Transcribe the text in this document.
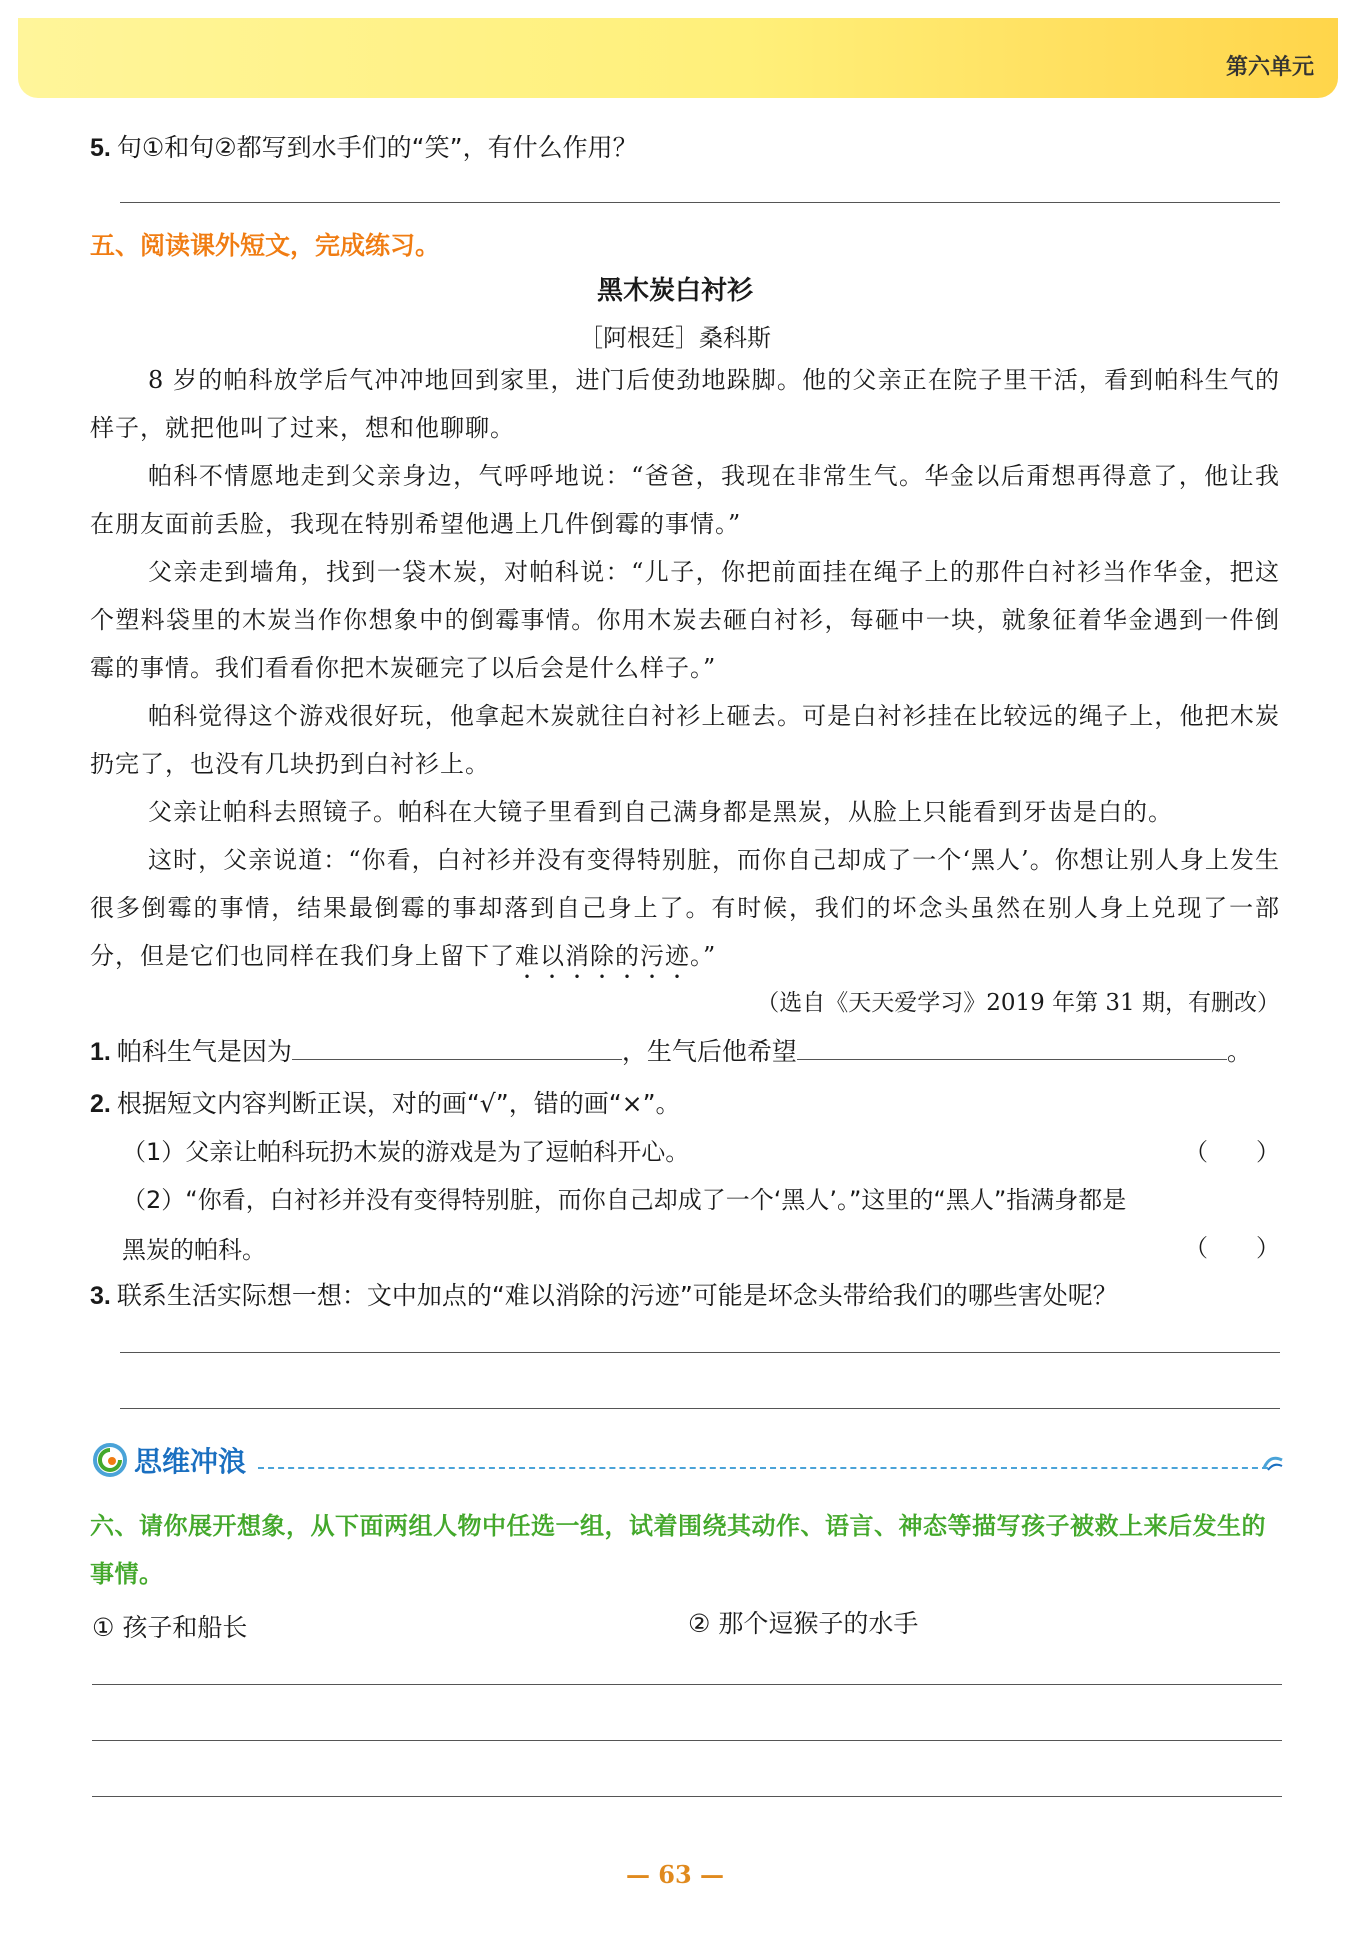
第六单元
5. 句①和句②都写到水手们的“笑”，有什么作用？
五、阅读课外短文，完成练习。
黑木炭白衬衫
［阿根廷］桑科斯

8 岁的帕科放学后气冲冲地回到家里，进门后使劲地跺脚。他的父亲正在院子里干活，看到帕科生气的样子，就把他叫了过来，想和他聊聊。

帕科不情愿地走到父亲身边，气呼呼地说：“爸爸，我现在非常生气。华金以后甭想再得意了，他让我在朋友面前丢脸，我现在特别希望他遇上几件倒霉的事情。”

父亲走到墙角，找到一袋木炭，对帕科说：“儿子，你把前面挂在绳子上的那件白衬衫当作华金，把这个塑料袋里的木炭当作你想象中的倒霉事情。你用木炭去砸白衬衫，每砸中一块，就象征着华金遇到一件倒霉的事情。我们看看你把木炭砸完了以后会是什么样子。”

帕科觉得这个游戏很好玩，他拿起木炭就往白衬衫上砸去。可是白衬衫挂在比较远的绳子上，他把木炭扔完了，也没有几块扔到白衬衫上。

父亲让帕科去照镜子。帕科在大镜子里看到自己满身都是黑炭，从脸上只能看到牙齿是白的。

这时，父亲说道：“你看，白衬衫并没有变得特别脏，而你自己却成了一个‘黑人’。你想让别人身上发生很多倒霉的事情，结果最倒霉的事却落到自己身上了。有时候，我们的坏念头虽然在别人身上兑现了一部分，但是它们也同样在我们身上留下了难以消除的污迹。”

（选自《天天爱学习》2019 年第 31 期，有删改）
1. 帕科生气是因为	，生气后他希望	。
2. 根据短文内容判断正误，对的画“√”，错的画“×”。
（1）父亲让帕科玩扔木炭的游戏是为了逗帕科开心。	（　　）
（2）“你看，白衬衫并没有变得特别脏，而你自己却成了一个‘黑人’。”这里的“黑人”指满身都是
黑炭的帕科。	（　　）
3. 联系生活实际想一想：文中加点的“难以消除的污迹”可能是坏念头带给我们的哪些害处呢？
思维冲浪
六、请你展开想象，从下面两组人物中任选一组，试着围绕其动作、语言、神态等描写孩子被救上来后发生的事情。
① 孩子和船长	② 那个逗猴子的水手
— 63 —
